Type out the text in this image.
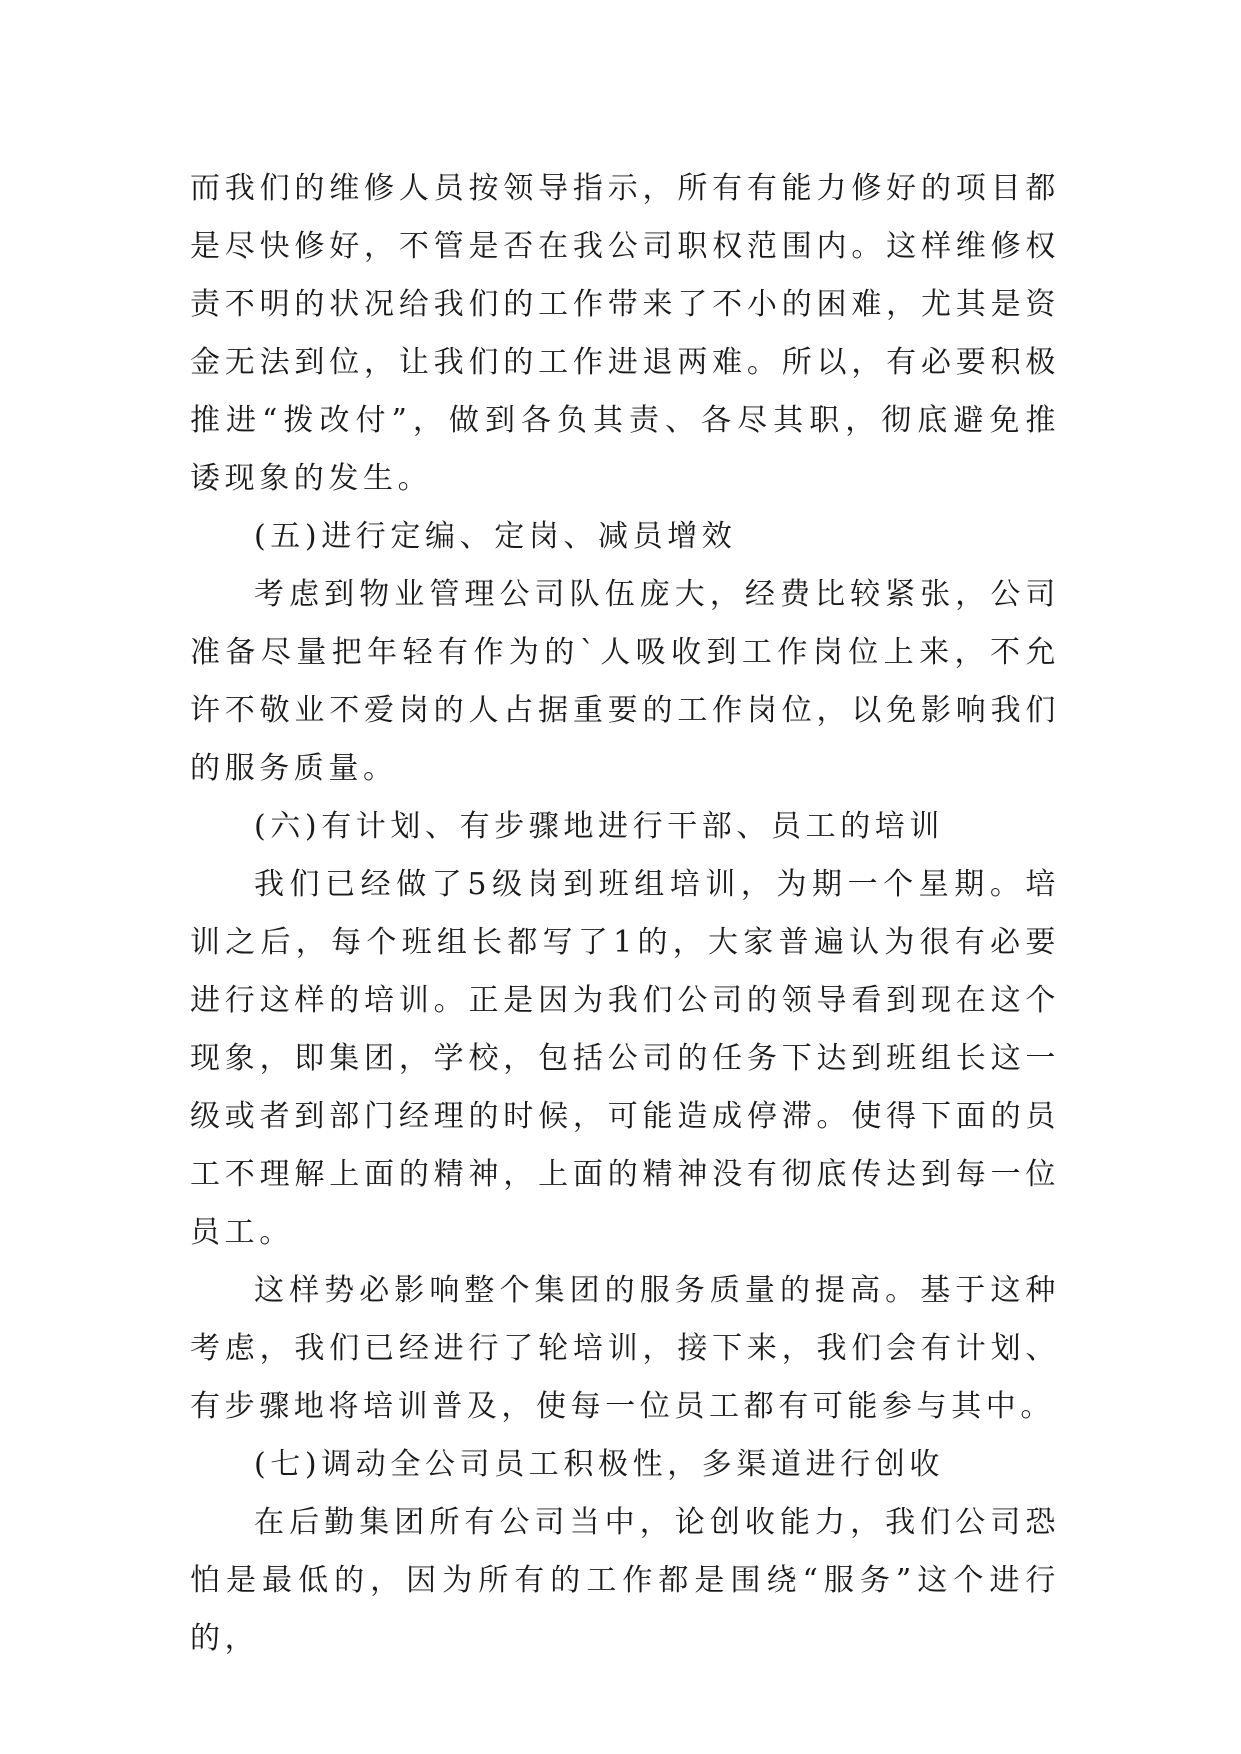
而我们的维修人员按领导指示，所有有能力修好的项目都是尽快修好，不管是否在我公司职权范围内。这样维修权责不明的状况给我们的工作带来了不小的困难，尤其是资金无法到位，让我们的工作进退两难。所以，有必要积极推进“拨改付”，做到各负其责、各尽其职，彻底避免推诿现象的发生。

(五)进行定编、定岗、减员增效

考虑到物业管理公司队伍庞大，经费比较紧张，公司准备尽量把年轻有作为的`人吸收到工作岗位上来，不允许不敬业不爱岗的人占据重要的工作岗位，以免影响我们的服务质量。

(六)有计划、有步骤地进行干部、员工的培训

我们已经做了5级岗到班组培训，为期一个星期。培训之后，每个班组长都写了1的，大家普遍认为很有必要进行这样的培训。正是因为我们公司的领导看到现在这个现象，即集团，学校，包括公司的任务下达到班组长这一级或者到部门经理的时候，可能造成停滞。使得下面的员工不理解上面的精神，上面的精神没有彻底传达到每一位员工。

这样势必影响整个集团的服务质量的提高。基于这种考虑，我们已经进行了轮培训，接下来，我们会有计划、有步骤地将培训普及，使每一位员工都有可能参与其中。

(七)调动全公司员工积极性，多渠道进行创收

在后勤集团所有公司当中，论创收能力，我们公司恐怕是最低的，因为所有的工作都是围绕“服务”这个进行的，
